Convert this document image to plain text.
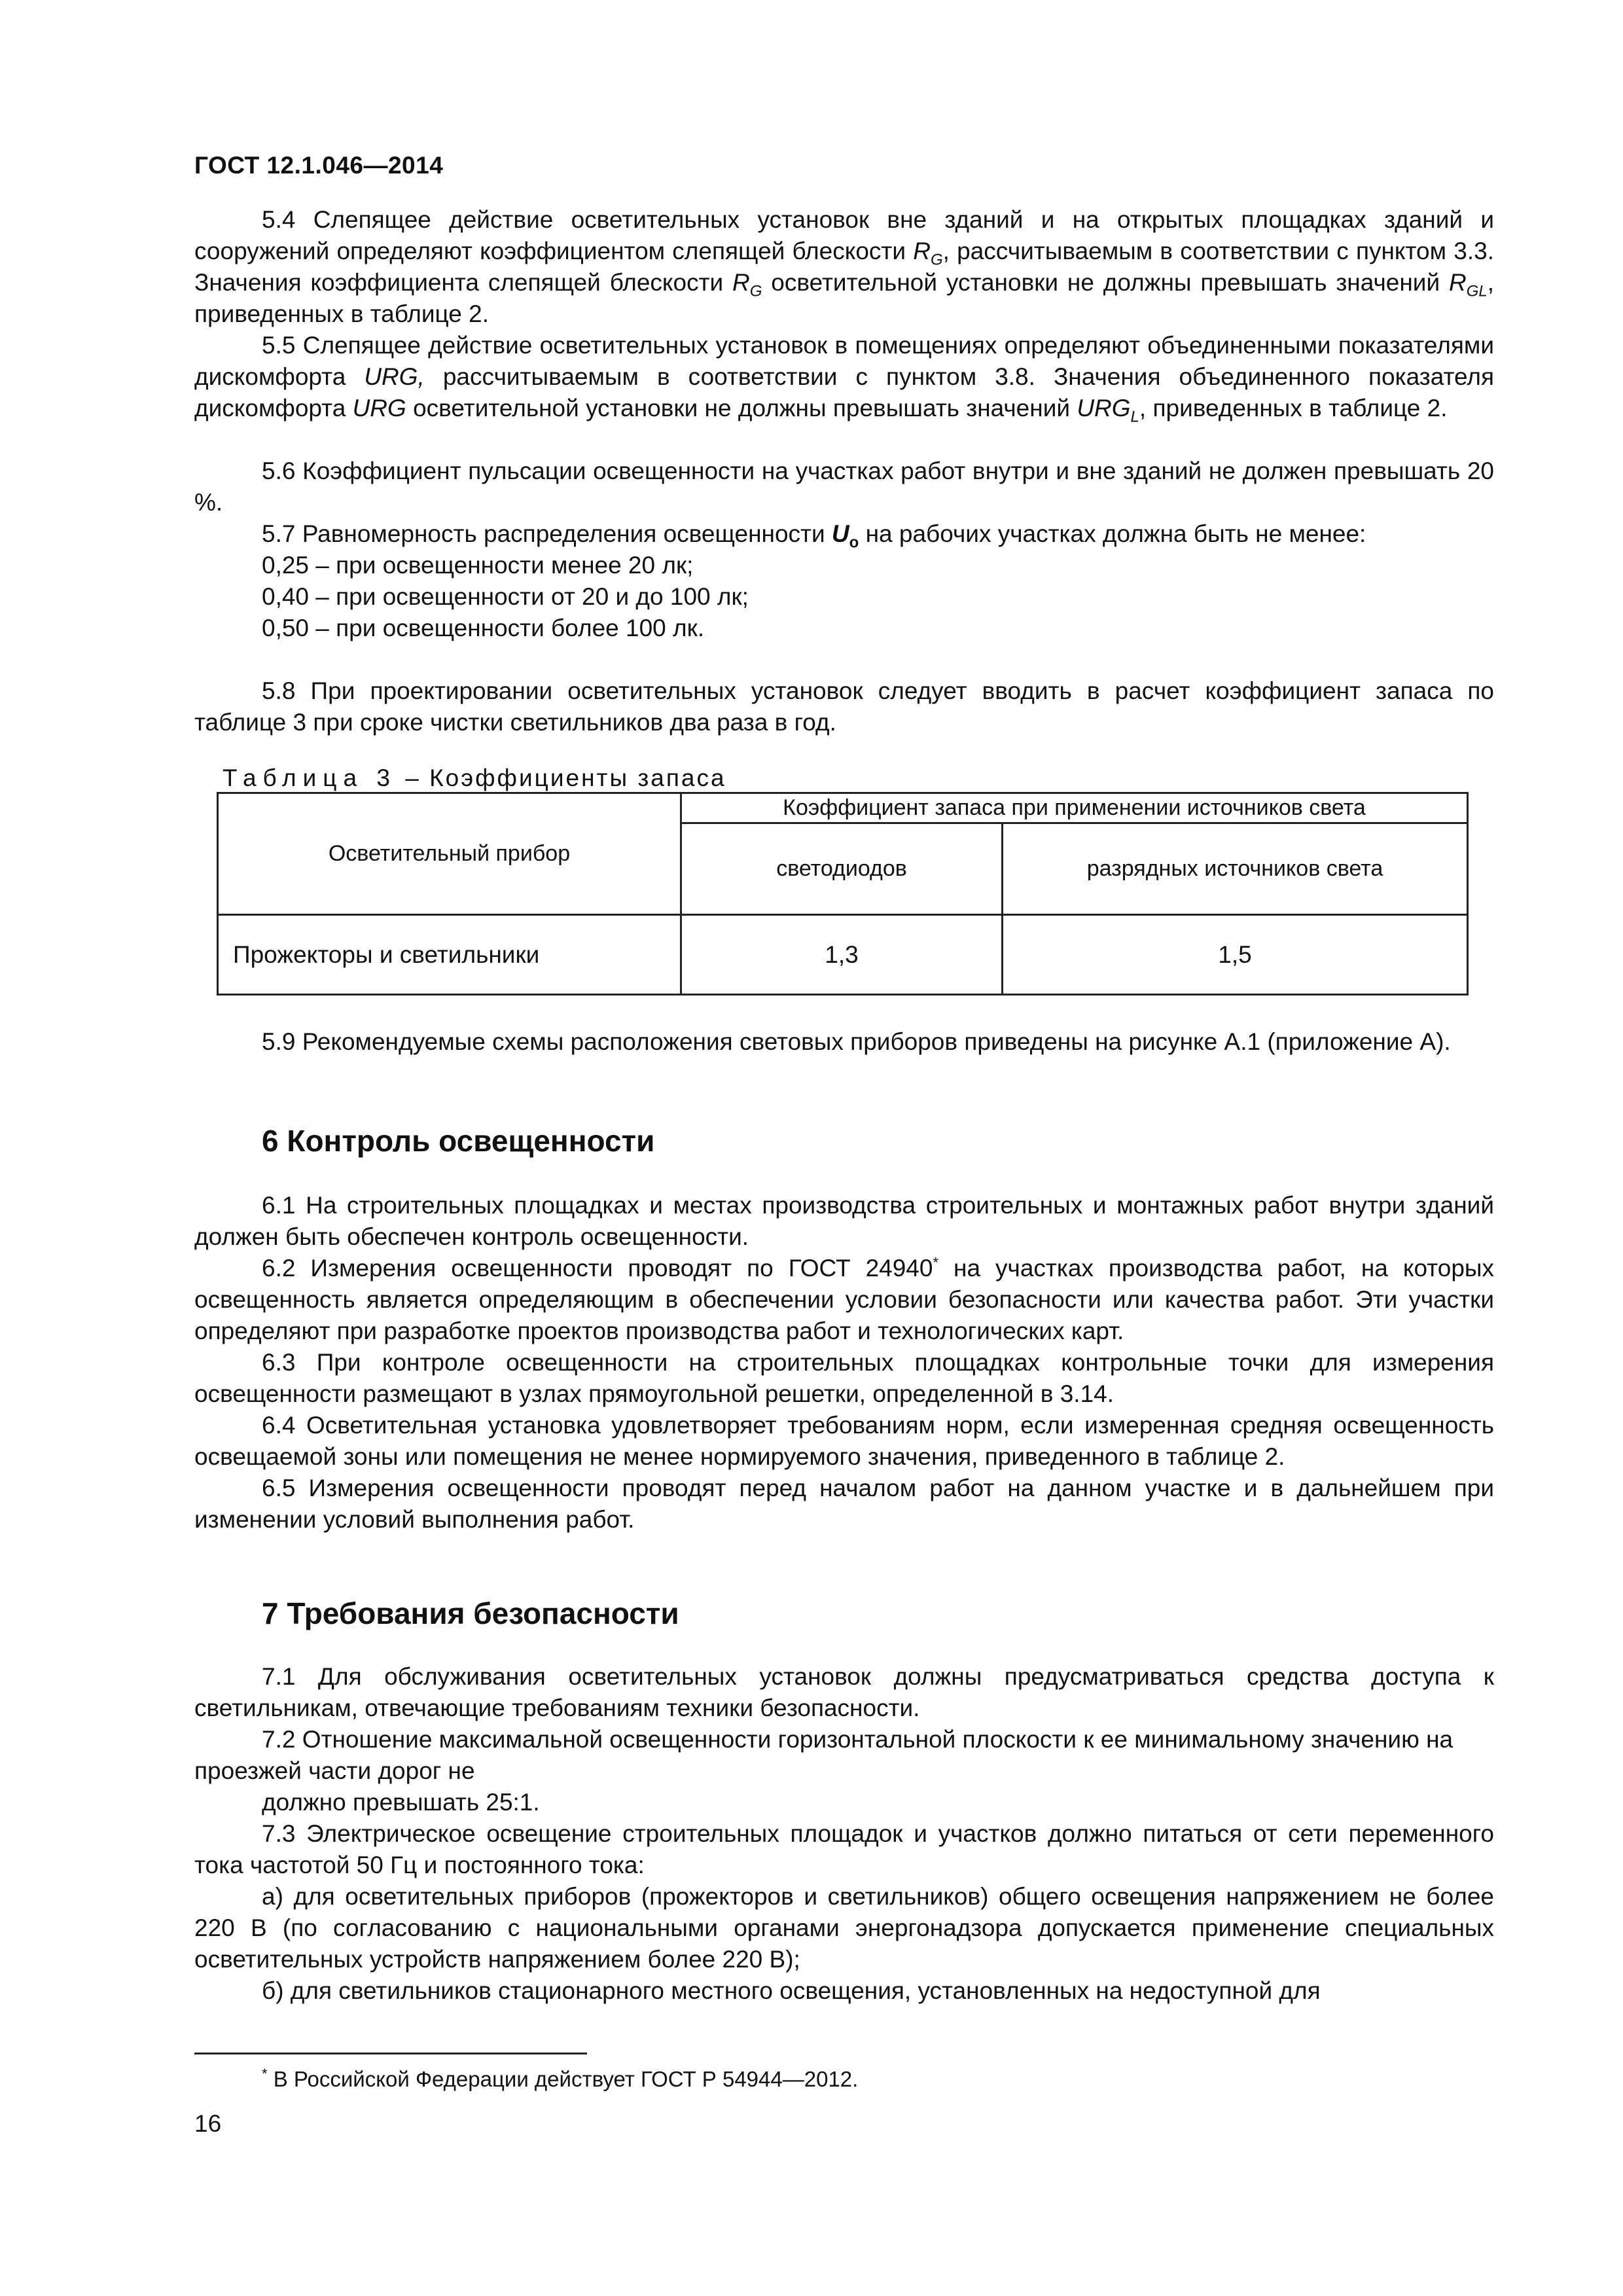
ГОСТ 12.1.046—2014
5.4 Слепящее действие осветительных установок вне зданий и на открытых площадках зданий и сооружений определяют коэффициентом слепящей блескости $R_G$, рассчитываемым в соответствии с пунктом 3.3. Значения коэффициента слепящей блескости $R_G$ осветительной установки не должны превышать значений $R_{GL}$, приведенных в таблице 2.
5.5 Слепящее действие осветительных установок в помещениях определяют объединенными показателями дискомфорта URG, рассчитываемым в соответствии с пунктом 3.8. Значения объединенного показателя дискомфорта URG осветительной установки не должны превышать значений $URG_L$, приведенных в таблице 2.
5.6 Коэффициент пульсации освещенности на участках работ внутри и вне зданий не должен превышать 20 %.

5.7 Равномерность распределения освещенности $U_o$ на рабочих участках должна быть не менее:

0,25 – при освещенности менее 20 лк;

0,40 – при освещенности от 20 и до 100 лк;

0,50 – при освещенности более 100 лк.

5.8 При проектировании осветительных установок следует вводить в расчет коэффициент запаса по таблице 3 при сроке чистки светильников два раза в год.
Таблица 3 – Коэффициенты запаса
Осветительный прибор	Коэффициент запаса при применении источников света	
	светодиодов	разрядных источников света
Прожекторы и светильники	1,3	1,5
5.9 Рекомендуемые схемы расположения световых приборов приведены на рисунке А.1 (приложение А).
6 Контроль освещенности

6.1 На строительных площадках и местах производства строительных и монтажных работ внутри зданий должен быть обеспечен контроль освещенности.

6.2 Измерения освещенности проводят по ГОСТ 24940* на участках производства работ, на которых освещенность является определяющим в обеспечении условии безопасности или качества работ. Эти участки определяют при разработке проектов производства работ и технологических карт.

6.3 При контроле освещенности на строительных площадках контрольные точки для измерения освещенности размещают в узлах прямоугольной решетки, определенной в 3.14.

6.4 Осветительная установка удовлетворяет требованиям норм, если измеренная средняя освещенность освещаемой зоны или помещения не менее нормируемого значения, приведенного в таблице 2.

6.5 Измерения освещенности проводят перед началом работ на данном участке и в дальнейшем при изменении условий выполнения работ.

7 Требования безопасности

7.1 Для обслуживания осветительных установок должны предусматриваться средства доступа к светильникам, отвечающие требованиям техники безопасности.

7.2 Отношение максимальной освещенности горизонтальной плоскости к ее минимальному значению на проезжей части дорог не

должно превышать 25:1.

7.3 Электрическое освещение строительных площадок и участков должно питаться от сети переменного тока частотой 50 Гц и постоянного тока:

а) для осветительных приборов (прожекторов и светильников) общего освещения напряжением не более 220 В (по согласованию с национальными органами энергонадзора допускается применение специальных осветительных устройств напряжением более 220 В);

б) для светильников стационарного местного освещения, установленных на недоступной для

* В Российской Федерации действует ГОСТ Р 54944—2012.
16
